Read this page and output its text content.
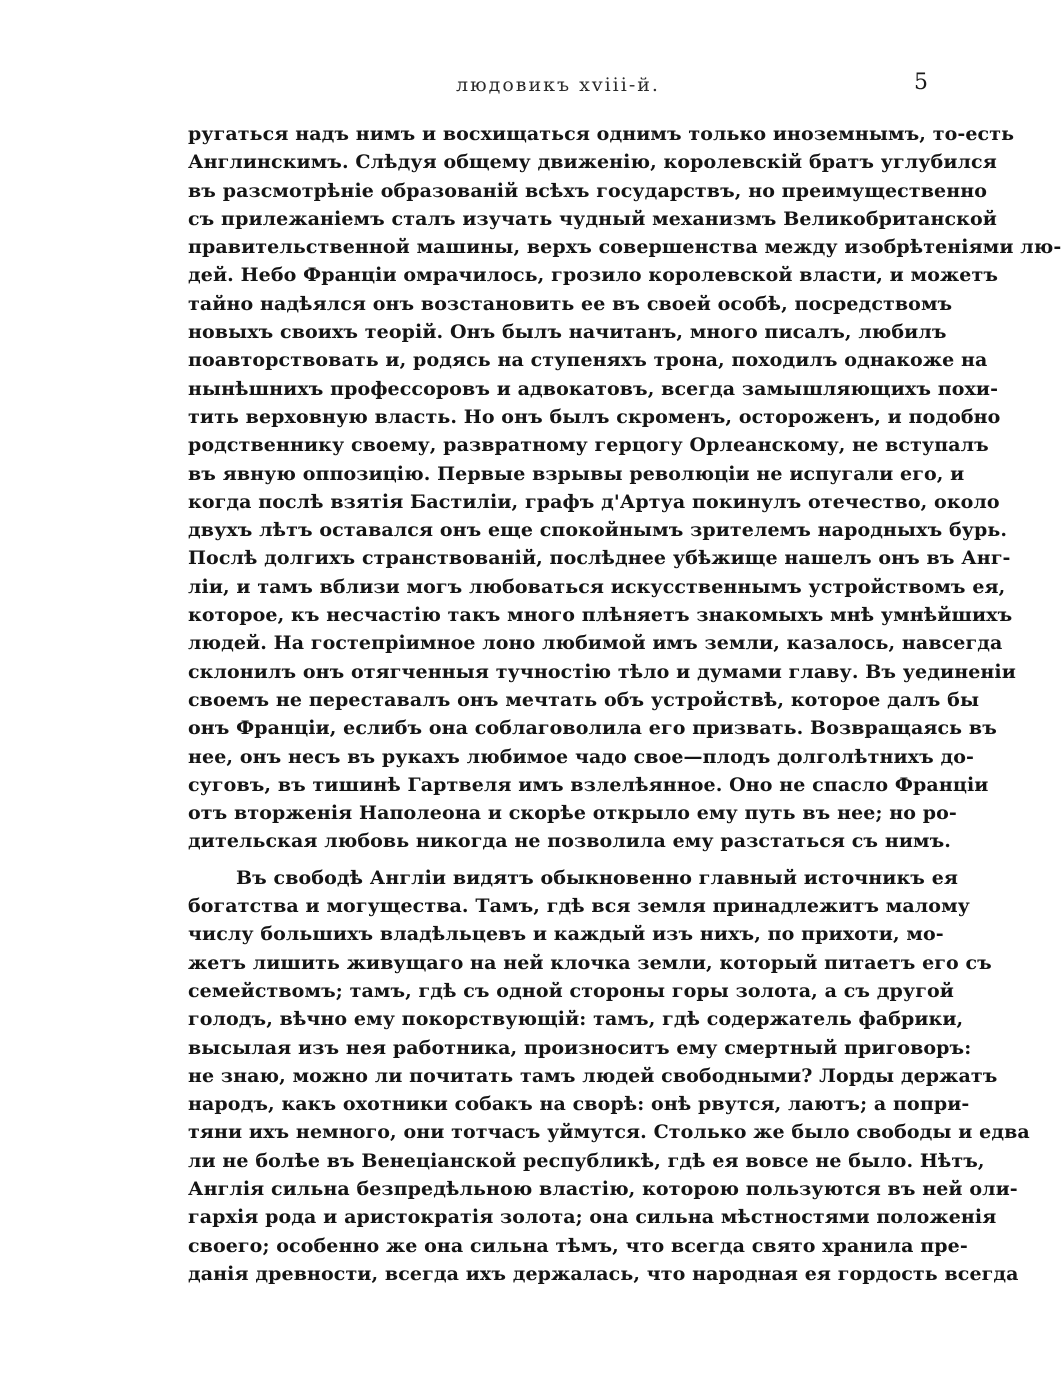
людовикъ хvііі-й.	5
ругаться надъ нимъ и восхищаться однимъ только иноземнымъ, то-есть
Англинскимъ. Слѣдуя общему движенію, королевскій братъ углубился
въ разсмотрѣніе образованій всѣхъ государствъ, но преимущественно
съ прилежаніемъ сталъ изучать чудный механизмъ Великобританской
правительственной машины, верхъ совершенства между изобрѣтеніями лю-
дей. Небо Франціи омрачилось, грозило королевской власти, и можетъ
тайно надѣялся онъ возстановить ее въ своей особѣ, посредствомъ
новыхъ своихъ теорій. Онъ былъ начитанъ, много писалъ, любилъ
поавторствовать и, родясь на ступеняхъ трона, походилъ однакоже на
нынѣшнихъ профессоровъ и адвокатовъ, всегда замышляющихъ похи-
тить верховную власть. Но онъ былъ скроменъ, остороженъ, и подобно
родственнику своему, развратному герцогу Орлеанскому, не вступалъ
въ явную оппозицію. Первые взрывы революціи не испугали его, и
когда послѣ взятія Бастиліи, графъ д'Артуа покинулъ отечество, около
двухъ лѣтъ оставался онъ еще спокойнымъ зрителемъ народныхъ бурь.
Послѣ долгихъ странствованій, послѣднее убѣжище нашелъ онъ въ Анг-
ліи, и тамъ вблизи могъ любоваться искусственнымъ устройствомъ ея,
которое, къ несчастію такъ много плѣняетъ знакомыхъ мнѣ умнѣйшихъ
людей. На гостепріимное лоно любимой имъ земли, казалось, навсегда
склонилъ онъ отягченныя тучностію тѣло и думами главу. Въ уединеніи
своемъ не переставалъ онъ мечтать объ устройствѣ, которое далъ бы
онъ Франціи, еслибъ она соблаговолила его призвать. Возвращаясь въ
нее, онъ несъ въ рукахъ любимое чадо свое—плодъ долголѣтнихъ до-
суговъ, въ тишинѣ Гартвеля имъ взлелѣянное. Оно не спасло Франціи
отъ вторженія Наполеона и скорѣе открыло ему путь въ нее; но ро-
дительская любовь никогда не позволила ему разстаться съ нимъ.
Въ свободѣ Англіи видятъ обыкновенно главный источникъ ея
богатства и могущества. Тамъ, гдѣ вся земля принадлежитъ малому
числу большихъ владѣльцевъ и каждый изъ нихъ, по прихоти, мо-
жетъ лишить живущаго на ней клочка земли, который питаетъ его съ
семействомъ; тамъ, гдѣ съ одной стороны горы золота, а съ другой
голодъ, вѣчно ему покорствующій: тамъ, гдѣ содержатель фабрики,
высылая изъ нея работника, произноситъ ему смертный приговоръ:
не знаю, можно ли почитать тамъ людей свободными? Лорды держатъ
народъ, какъ охотники собакъ на сворѣ: онѣ рвутся, лаютъ; а попри-
тяни ихъ немного, они тотчасъ уймутся. Столько же было свободы и едва
ли не болѣе въ Венеціанской республикѣ, гдѣ ея вовсе не было. Нѣтъ,
Англія сильна безпредѣльною властію, которою пользуются въ ней оли-
гархія рода и аристократія золота; она сильна мѣстностями положенія
своего; особенно же она сильна тѣмъ, что всегда свято хранила пре-
данія древности, всегда ихъ держалась, что народная ея гордость всегда
